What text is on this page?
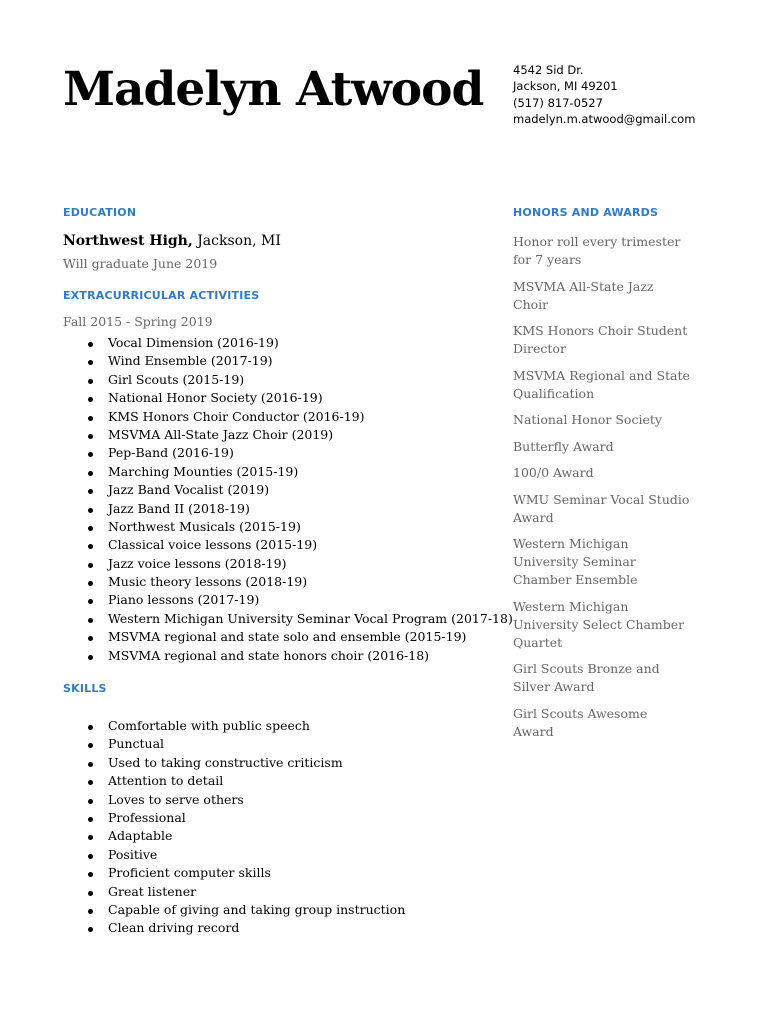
Madelyn Atwood	4542 Sid Dr.
Jackson, MI 49201
(517) 817-0527
madelyn.m.atwood@gmail.com
EDUCATION
Northwest High, Jackson, MI
Will graduate June 2019
EXTRACURRICULAR ACTIVITIES
Fall 2015 - Spring 2019
Vocal Dimension (2016-19)
Wind Ensemble (2017-19)
Girl Scouts (2015-19)
National Honor Society (2016-19)
KMS Honors Choir Conductor (2016-19)
MSVMA All-State Jazz Choir (2019)
Pep-Band (2016-19)
Marching Mounties (2015-19)
Jazz Band Vocalist (2019)
Jazz Band II (2018-19)
Northwest Musicals (2015-19)
Classical voice lessons (2015-19)
Jazz voice lessons (2018-19)
Music theory lessons (2018-19)
Piano lessons (2017-19)
Western Michigan University Seminar Vocal Program (2017-18)
MSVMA regional and state solo and ensemble (2015-19)
MSVMA regional and state honors choir (2016-18)
SKILLS
Comfortable with public speech
Punctual
Used to taking constructive criticism
Attention to detail
Loves to serve others
Professional
Adaptable
Positive
Proficient computer skills
Great listener
Capable of giving and taking group instruction
Clean driving record
HONORS AND AWARDS
Honor roll every trimester for 7 years
MSVMA All-State Jazz Choir
KMS Honors Choir Student Director
MSVMA Regional and State Qualification
National Honor Society
Butterfly Award
100/0 Award
WMU Seminar Vocal Studio Award
Western Michigan University Seminar Chamber Ensemble
Western Michigan University Select Chamber Quartet
Girl Scouts Bronze and Silver Award
Girl Scouts Awesome Award
